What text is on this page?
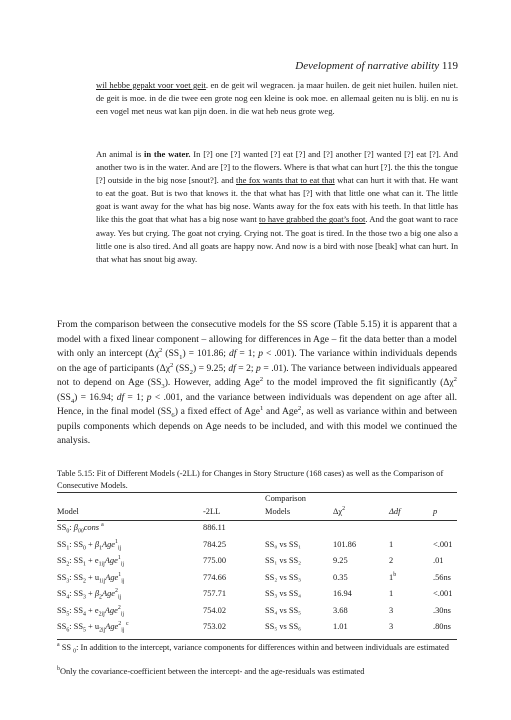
Development of narrative ability 119
wil hebbe gepakt voor voet geit. en de geit wil wegracen. ja maar huilen. de geit niet huilen. huilen niet. de geit is moe. in de die twee een grote nog een kleine is ook moe. en allemaal geiten nu is blij. en nu is een vogel met neus wat kan pijn doen. in die wat heb neus grote weg.
An animal is in the water. In [?] one [?] wanted [?] eat [?] and [?] another [?] wanted [?] eat [?]. And another two is in the water. And are [?] to the flowers. Where is that what can hurt [?]. the this the tongue [?] outside in the big nose [snout?]. and the fox wants that to eat that what can hurt it with that. He want to eat the goat. But is two that knows it. the that what has [?] with that little one what can it. The little goat is want away for the what has big nose. Wants away for the fox eats with his teeth. In that little has like this the goat that what has a big nose want to have grabbed the goat’s foot. And the goat want to race away. Yes but crying. The goat not crying. Crying not. The goat is tired. In the those two a big one also a little one is also tired. And all goats are happy now. And now is a bird with nose [beak] what can hurt. In that what has snout big away.
From the comparison between the consecutive models for the SS score (Table 5.15) it is apparent that a model with a fixed linear component – allowing for differences in Age – fit the data better than a model with only an intercept ($\Delta\chi^2$ $(SS_1) = 101.86$; df = 1; p < .001). The variance within individuals depends on the age of participants ($\Delta\chi^2$ $(SS_2) = 9.25$; df = 2; p = .01). The variance between individuals appeared not to depend on Age $(SS_3)$. However, adding Age$^2$ to the model improved the fit significantly ($\Delta\chi^2$ $(SS_4) = 16.94$; df = 1; p < .001, and the variance between individuals was dependent on age after all. Hence, in the final model $(SS_6)$ a fixed effect of Age$^1$ and Age$^2$, as well as variance within and between pupils components which depends on Age needs to be included, and with this model we continued the analysis.
Table 5.15: Fit of Different Models (-2LL) for Changes in Story Structure (168 cases) as well as the Comparison of Consecutive Models.
Comparison
Model	-2LL	Models	$\Delta\chi^2$	Δdf	p
$SS_0$: $\beta_{00}cons$ $^a$	886.11
$SS_1$: $SS_0 + \beta_1Age^1_{ij}$	784.25	SS₀ vs SS₁	101.86	1	<.001
$SS_2$: $SS_1 + e_{1ij}Age^1_{ij}$	775.00	SS₁ vs SS₂	9.25	2	.01
$SS_3$: $SS_2 + u_{1ij}Age^1_{ij}$	774.66	SS₂ vs SS₃	0.35	1$^b$	.56ns
$SS_4$: $SS_3 + \beta_2Age^2_{ij}$	757.71	SS₃ vs SS₄	16.94	1	<.001
$SS_5$: $SS_4 + e_{2ij}Age^2_{ij}$	754.02	SS₄ vs SS₅	3.68	3	.30ns
$SS_6$: $SS_5 + u_{2ij}Age^2_{ij}$ $^c$	753.02	SS₅ vs SS₆	1.01	3	.80ns
$^a$ SS $_0$: In addition to the intercept, variance components for differences within and between individuals are estimated
$^b$Only the covariance-coefficient between the intercept- and the age-residuals was estimated
